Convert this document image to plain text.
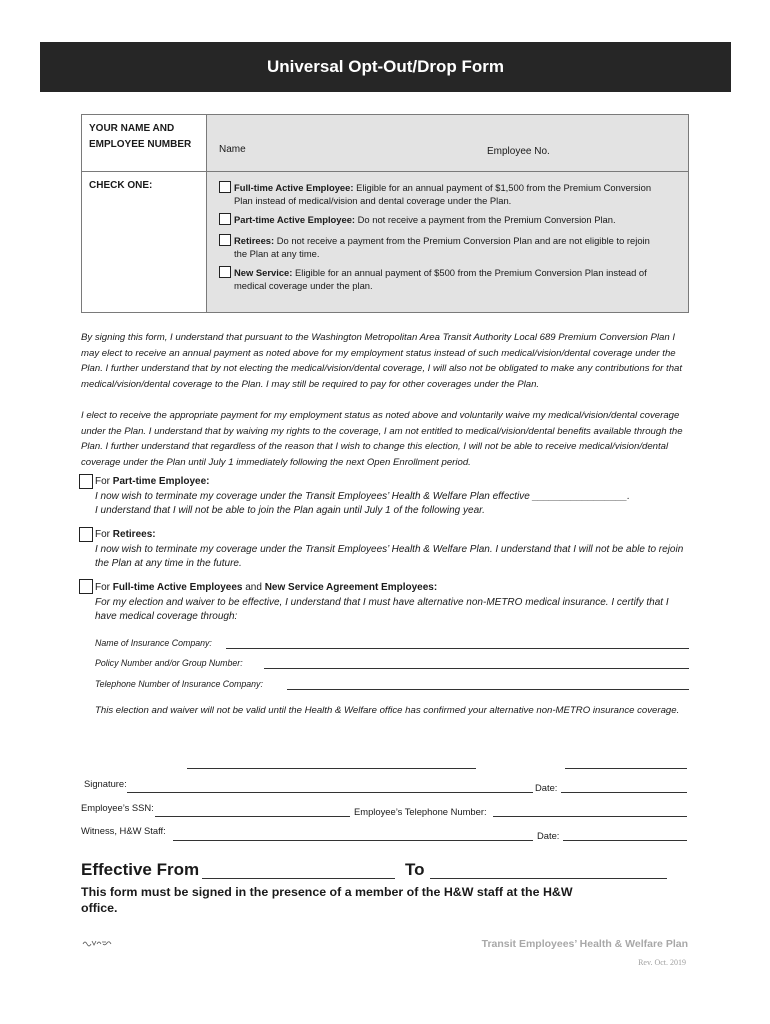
Universal Opt-Out/Drop Form
YOUR NAME AND EMPLOYEE NUMBER	Name	Employee No.
CHECK ONE:	Full-time Active Employee: Eligible for an annual payment of $1,500 from the Premium Conversion Plan instead of medical/vision and dental coverage under the Plan.
Part-time Active Employee: Do not receive a payment from the Premium Conversion Plan.
Retirees: Do not receive a payment from the Premium Conversion Plan and are not eligible to rejoin the Plan at any time.
New Service: Eligible for an annual payment of $500 from the Premium Conversion Plan instead of medical coverage under the plan.

By signing this form, I understand that pursuant to the Washington Metropolitan Area Transit Authority Local 689 Premium Conversion Plan I may elect to receive an annual payment as noted above for my employment status instead of such medical/vision/dental coverage under the Plan. I further understand that by not electing the medical/vision/dental coverage, I will also not be obligated to make any contributions for that medical/vision/dental coverage to the Plan. I may still be required to pay for other coverages under the Plan.

I elect to receive the appropriate payment for my employment status as noted above and voluntarily waive my medical/vision/dental coverage under the Plan. I understand that by waiving my rights to the coverage, I am not entitled to medical/vision/dental benefits available through the Plan. I further understand that regardless of the reason that I wish to change this election, I will not be able to receive medical/vision/dental coverage under the Plan until July 1 immediately following the next Open Enrollment period.

For Part-time Employee:
I now wish to terminate my coverage under the Transit Employees’ Health & Welfare Plan effective _________________.
I understand that I will not be able to join the Plan again until July 1 of the following year.
For Retirees:
I now wish to terminate my coverage under the Transit Employees’ Health & Welfare Plan. I understand that I will not be able to rejoin the Plan at any time in the future.
For Full-time Active Employees and New Service Agreement Employees:
For my election and waiver to be effective, I understand that I must have alternative non-METRO medical insurance. I certify that I have medical coverage through:
Name of Insurance Company:
Policy Number and/or Group Number:
Telephone Number of Insurance Company:

This election and waiver will not be valid until the Health & Welfare office has confirmed your alternative non-METRO insurance coverage.

Signature:	Date:
Employee’s SSN:	Employee’s Telephone Number:
Witness, H&W Staff:	Date:
Effective From	To

This form must be signed in the presence of a member of the H&W staff at the H&W office.

Transit Employees’ Health & Welfare Plan
Rev. Oct. 2019
